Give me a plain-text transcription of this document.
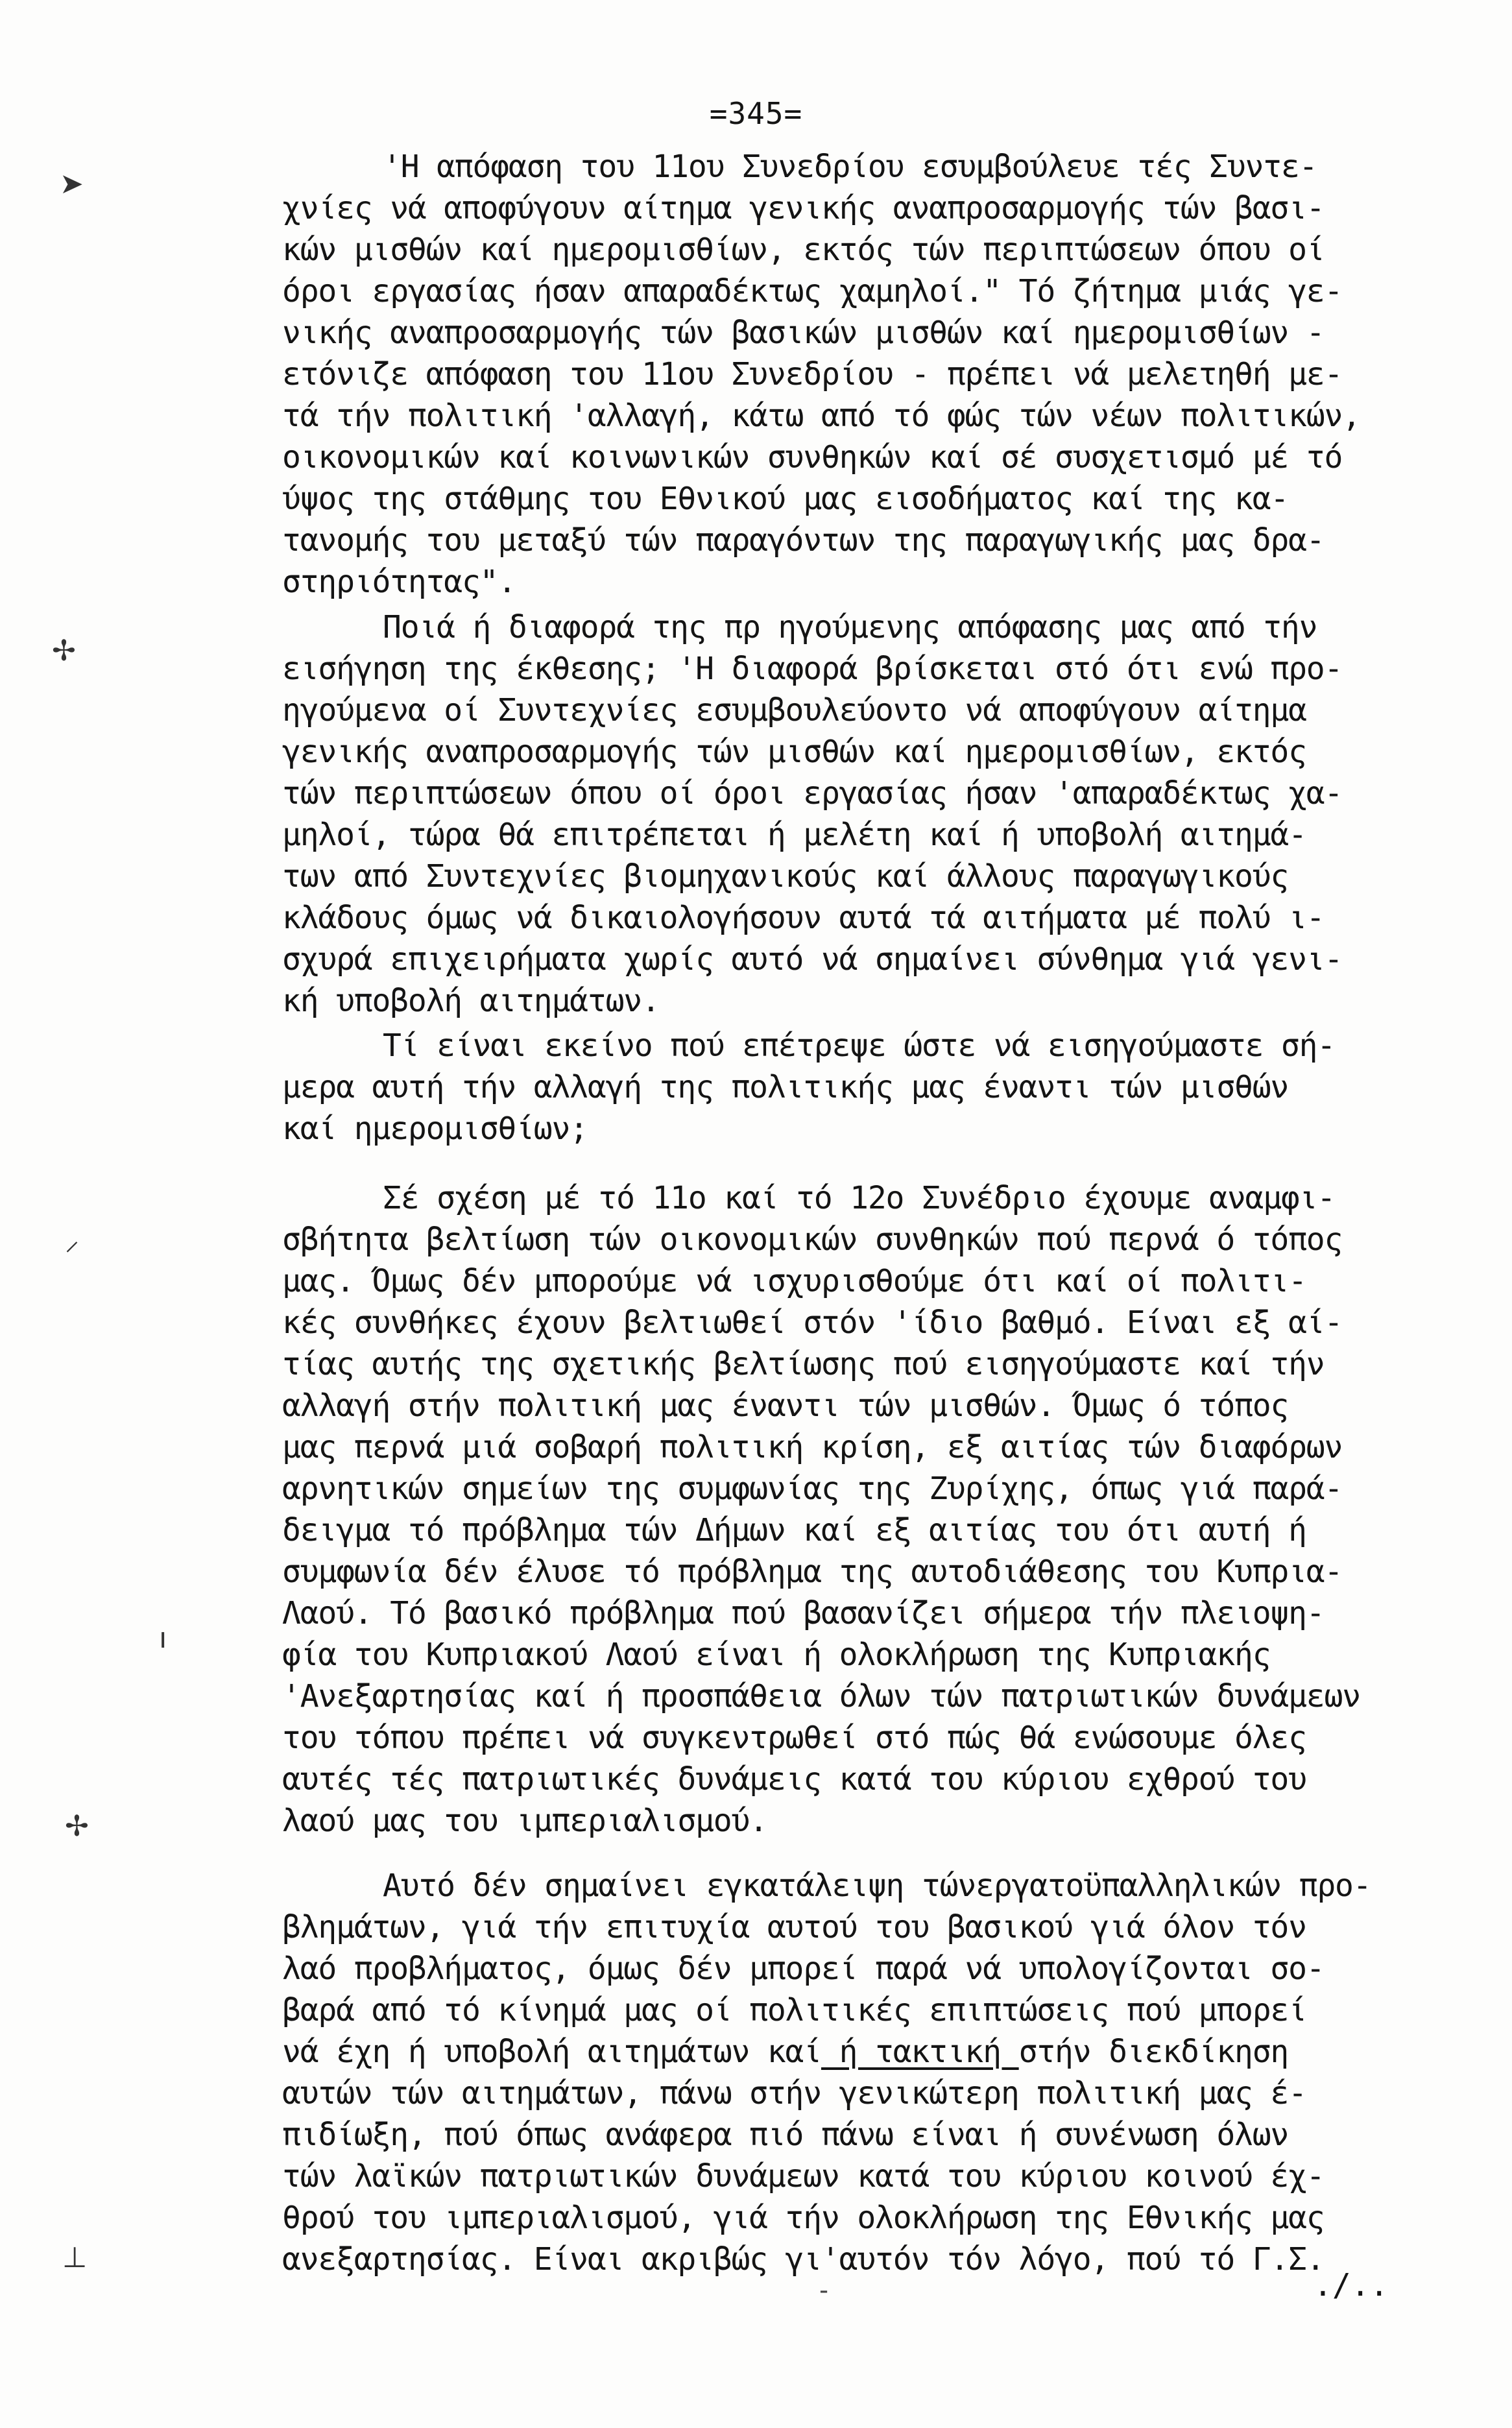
=345=
'Η απόφαση του 11ου Συνεδρίου εσυμβούλευε τές Συντε-
χνίες νά αποφύγουν αίτημα γενικής αναπροσαρμογής τών βασι-
κών μισθών καί ημερομισθίων, εκτός τών περιπτώσεων όπου οί
όροι εργασίας ήσαν απαραδέκτως χαμηλοί." Τό ζήτημα μιάς γε-
νικής αναπροσαρμογής τών βασικών μισθών καί ημερομισθίων -
ετόνιζε απόφαση του 11ου Συνεδρίου - πρέπει νά μελετηθή με-
τά τήν πολιτική 'αλλαγή, κάτω από τό φώς τών νέων πολιτικών,
οικονομικών καί κοινωνικών συνθηκών καί σέ συσχετισμό μέ τό
ύψος της στάθμης του Εθνικού μας εισοδήματος καί της κα-
τανομής του μεταξύ τών παραγόντων της παραγωγικής μας δρα-
στηριότητας".
Ποιά ή διαφορά της πρ ηγούμενης απόφασης μας από τήν
εισήγηση της έκθεσης; 'Η διαφορά βρίσκεται στό ότι ενώ προ-
ηγούμενα οί Συντεχνίες εσυμβουλεύοντο νά αποφύγουν αίτημα
γενικής αναπροσαρμογής τών μισθών καί ημερομισθίων, εκτός
τών περιπτώσεων όπου οί όροι εργασίας ήσαν 'απαραδέκτως χα-
μηλοί, τώρα θά επιτρέπεται ή μελέτη καί ή υποβολή αιτημά-
των από Συντεχνίες βιομηχανικούς καί άλλους παραγωγικούς
κλάδους όμως νά δικαιολογήσουν αυτά τά αιτήματα μέ πολύ ι-
σχυρά επιχειρήματα χωρίς αυτό νά σημαίνει σύνθημα γιά γενι-
κή υποβολή αιτημάτων.
Τί είναι εκείνο πού επέτρεψε ώστε νά εισηγούμαστε σή-
μερα αυτή τήν αλλαγή της πολιτικής μας έναντι τών μισθών
καί ημερομισθίων;
Σέ σχέση μέ τό 11ο καί τό 12ο Συνέδριο έχουμε αναμφι-
σβήτητα βελτίωση τών οικονομικών συνθηκών πού περνά ό τόπος
μας. Όμως δέν μπορούμε νά ισχυρισθούμε ότι καί οί πολιτι-
κές συνθήκες έχουν βελτιωθεί στόν 'ίδιο βαθμό. Είναι εξ αί-
τίας αυτής της σχετικής βελτίωσης πού εισηγούμαστε καί τήν
αλλαγή στήν πολιτική μας έναντι τών μισθών. Όμως ό τόπος
μας περνά μιά σοβαρή πολιτική κρίση, εξ αιτίας τών διαφόρων
αρνητικών σημείων της συμφωνίας της Ζυρίχης, όπως γιά παρά-
δειγμα τό πρόβλημα τών Δήμων καί εξ αιτίας του ότι αυτή ή
συμφωνία δέν έλυσε τό πρόβλημα της αυτοδιάθεσης του Κυπρια-
Λαού. Τό βασικό πρόβλημα πού βασανίζει σήμερα τήν πλειοψη-
φία του Κυπριακού Λαού είναι ή ολοκλήρωση της Κυπριακής
'Ανεξαρτησίας καί ή προσπάθεια όλων τών πατριωτικών δυνάμεων
του τόπου πρέπει νά συγκεντρωθεί στό πώς θά ενώσουμε όλες
αυτές τές πατριωτικές δυνάμεις κατά του κύριου εχθρού του
λαού μας του ιμπεριαλισμού.
Αυτό δέν σημαίνει εγκατάλειψη τώνεργατοϋπαλληλικών προ-
βλημάτων, γιά τήν επιτυχία αυτού του βασικού γιά όλον τόν
λαό προβλήματος, όμως δέν μπορεί παρά νά υπολογίζονται σο-
βαρά από τό κίνημά μας οί πολιτικές επιπτώσεις πού μπορεί
νά έχη ή υποβολή αιτημάτων καί ή τακτική στήν διεκδίκηση
αυτών τών αιτημάτων, πάνω στήν γενικώτερη πολιτική μας έ-
πιδίωξη, πού όπως ανάφερα πιό πάνω είναι ή συνένωση όλων
τών λαϊκών πατριωτικών δυνάμεων κατά του κύριου κοινού έχ-
θρού του ιμπεριαλισμού, γιά τήν ολοκλήρωση της Εθνικής μας
ανεξαρτησίας. Είναι ακριβώς γι'αυτόν τόν λόγο, πού τό Γ.Σ.
-	./..
➤
✢
⸝
ı
✢
⊥
